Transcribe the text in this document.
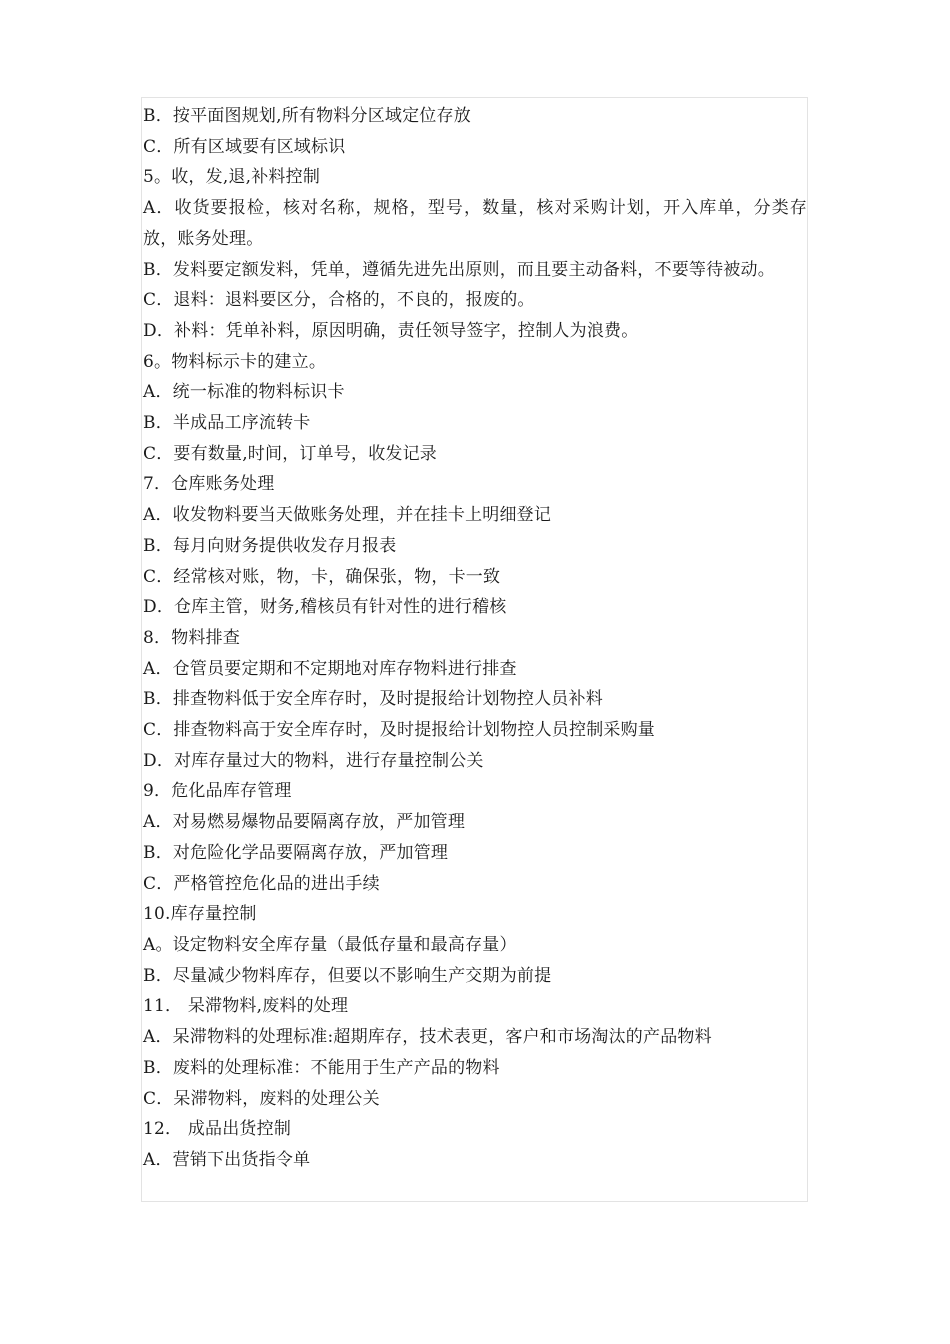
B．按平面图规划,所有物料分区域定位存放
C．所有区域要有区域标识
5。收，发,退,补料控制
A．收货要报检，核对名称，规格，型号，数量，核对采购计划，开入库单，分类存放，账务处理。
B．发料要定额发料，凭单，遵循先进先出原则，而且要主动备料，不要等待被动。
C．退料：退料要区分，合格的，不良的，报废的。
D．补料：凭单补料，原因明确，责任领导签字，控制人为浪费。
6。物料标示卡的建立。
A．统一标准的物料标识卡
B．半成品工序流转卡
C．要有数量,时间，订单号，收发记录
7．仓库账务处理
A．收发物料要当天做账务处理，并在挂卡上明细登记
B．每月向财务提供收发存月报表
C．经常核对账，物，卡，确保张，物，卡一致
D．仓库主管，财务,稽核员有针对性的进行稽核
8．物料排查
A．仓管员要定期和不定期地对库存物料进行排查
B．排查物料低于安全库存时，及时提报给计划物控人员补料
C．排查物料高于安全库存时，及时提报给计划物控人员控制采购量
D．对库存量过大的物料，进行存量控制公关
9．危化品库存管理
A．对易燃易爆物品要隔离存放，严加管理
B．对危险化学品要隔离存放，严加管理
C．严格管控危化品的进出手续
10.库存量控制
A。设定物料安全库存量（最低存量和最高存量）
B．尽量减少物料库存，但要以不影响生产交期为前提
11． 呆滞物料,废料的处理
A．呆滞物料的处理标准:超期库存，技术表更，客户和市场淘汰的产品物料
B．废料的处理标准：不能用于生产产品的物料
C．呆滞物料，废料的处理公关
12． 成品出货控制
A．营销下出货指令单
